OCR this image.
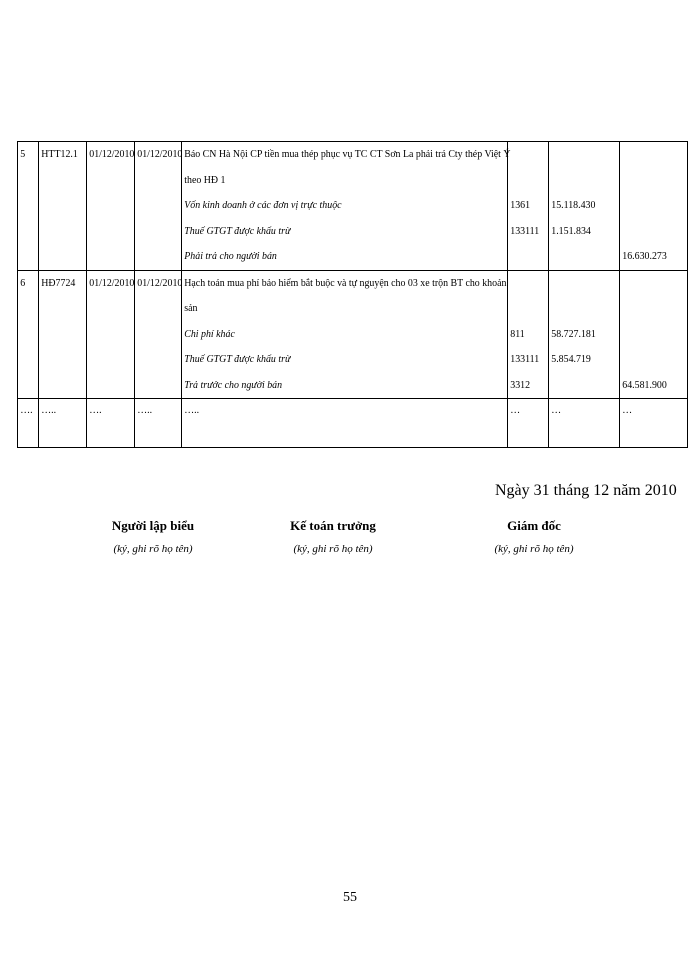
5	HTT12.1	01/12/2010	01/12/2010	Báo CN Hà Nội CP tiền mua thép phục vụ TC CT Sơn La phải trả Cty thép Việt Ý			
				theo HĐ 1			
				Vốn kinh doanh ở các đơn vị trực thuộc	1361	15.118.430	
				Thuế GTGT được khấu trừ	133111	1.151.834	
				Phải trả cho người bán			16.630.273
6	HĐ7724	01/12/2010	01/12/2010	Hạch toán mua phí bảo hiểm bắt buộc và tự nguyện cho 03 xe trộn BT cho khoản			
				sản			
				Chi phí khác	811	58.727.181	
				Thuế GTGT được khấu trừ	133111	5.854.719	
				Trả trước cho người bán	3312		64.581.900
….	…..	….	…..	…..	…	…	…
Ngày 31 tháng 12 năm 2010
Người lập biểu
(ký, ghi rõ họ tên)
Kế toán trưởng
(ký, ghi rõ họ tên)
Giám đốc
(ký, ghi rõ họ tên)
55
